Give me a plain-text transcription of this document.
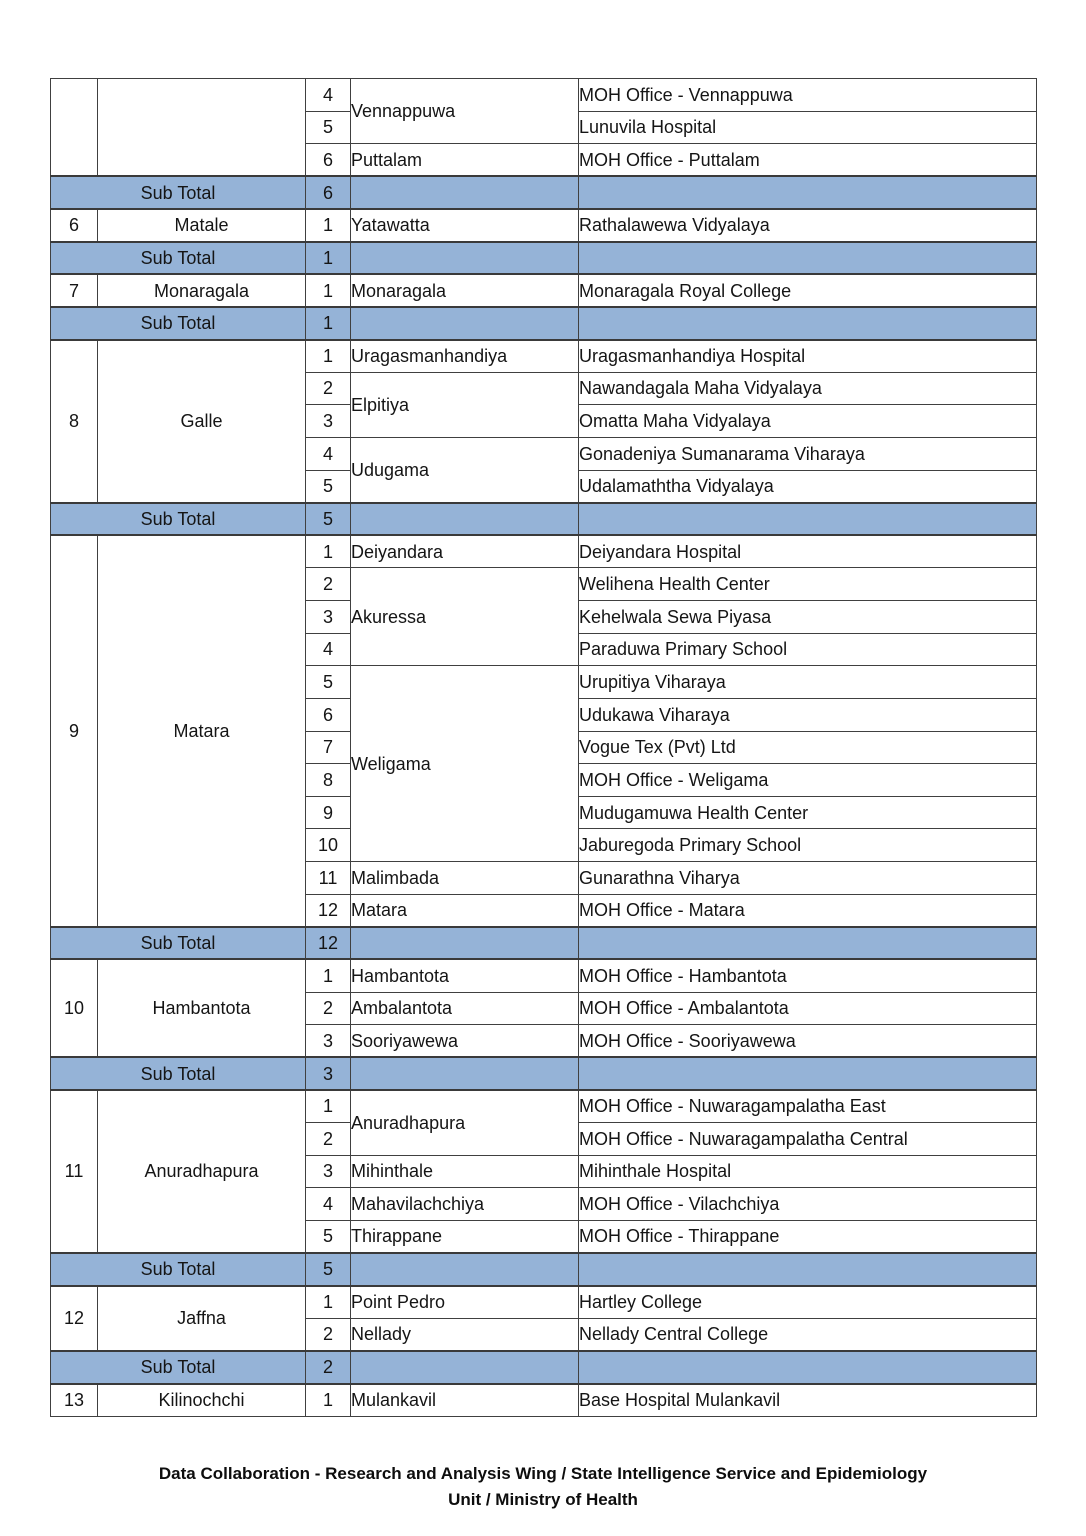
		4	Vennappuwa	MOH Office - Vennappuwa
		5		Lunuvila Hospital
		6	Puttalam	MOH Office - Puttalam
Sub Total		6		
6	Matale	1	Yatawatta	Rathalawewa Vidyalaya
Sub Total		1		
7	Monaragala	1	Monaragala	Monaragala Royal College
Sub Total		1		
8	Galle	1	Uragasmanhandiya	Uragasmanhandiya Hospital
		2	Elpitiya	Nawandagala Maha Vidyalaya
		3		Omatta Maha Vidyalaya
		4	Udugama	Gonadeniya Sumanarama Viharaya
		5		Udalamaththa Vidyalaya
Sub Total		5		
9	Matara	1	Deiyandara	Deiyandara Hospital
		2	Akuressa	Welihena Health Center
		3		Kehelwala Sewa Piyasa
		4		Paraduwa Primary School
		5	Weligama	Urupitiya Viharaya
		6		Udukawa Viharaya
		7		Vogue Tex (Pvt) Ltd
		8		MOH Office - Weligama
		9		Mudugamuwa Health Center
		10		Jaburegoda Primary School
		11	Malimbada	Gunarathna Viharya
		12	Matara	MOH Office - Matara
Sub Total		12		
10	Hambantota	1	Hambantota	MOH Office - Hambantota
		2	Ambalantota	MOH Office - Ambalantota
		3	Sooriyawewa	MOH Office - Sooriyawewa
Sub Total		3		
11	Anuradhapura	1	Anuradhapura	MOH Office - Nuwaragampalatha East
		2		MOH Office - Nuwaragampalatha Central
		3	Mihinthale	Mihinthale Hospital
		4	Mahavilachchiya	MOH Office - Vilachchiya
		5	Thirappane	MOH Office - Thirappane
Sub Total		5		
12	Jaffna	1	Point Pedro	Hartley College
		2	Nellady	Nellady Central College
Sub Total		2		
13	Kilinochchi	1	Mulankavil	Base Hospital Mulankavil
Data Collaboration - Research and Analysis Wing / State Intelligence Service and Epidemiology
Unit / Ministry of Health
